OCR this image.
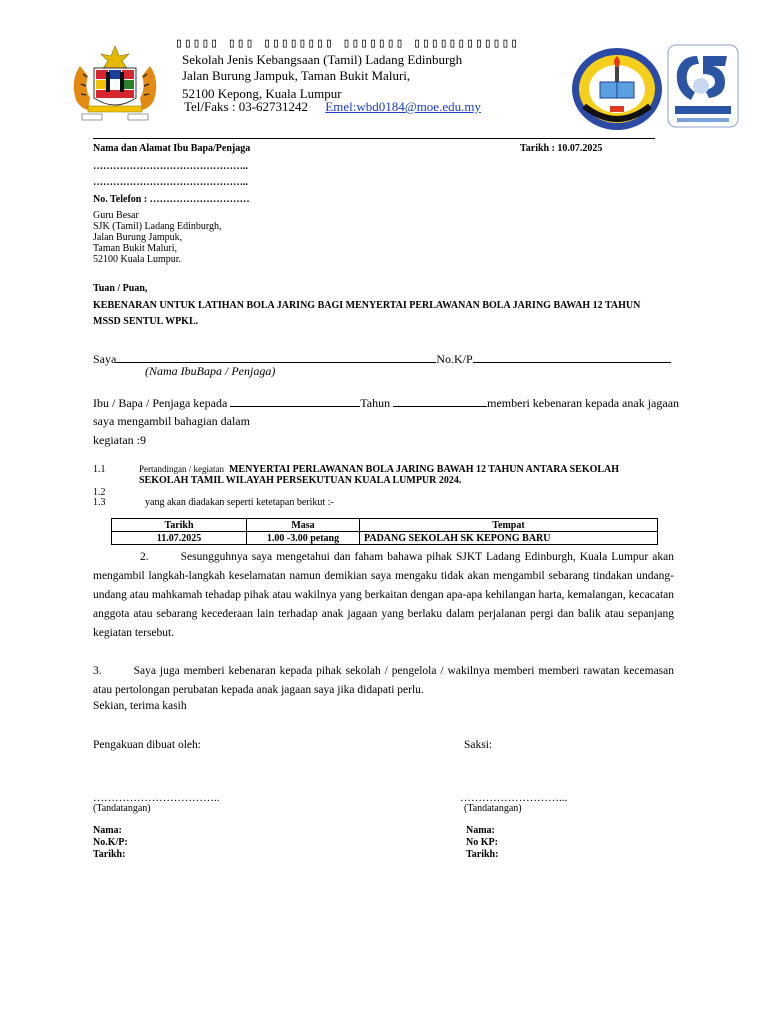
▯▯▯▯▯ ▯▯▯ ▯▯▯▯▯▯▯▯ ▯▯▯▯▯▯▯ ▯▯▯▯▯▯▯▯▯▯▯▯
Sekolah Jenis Kebangsaan (Tamil) Ladang Edinburgh
Jalan Burung Jampuk, Taman Bukit Maluri,
52100 Kepong, Kuala Lumpur
Tel/Faks : 03-62731242 Emel:wbd0184@moe.edu.my
Nama dan Alamat Ibu Bapa/Penjaga	Tarikh : 10.07.2025
………………………………………..
………………………………………..
No. Telefon : …………………………
Guru Besar
SJK (Tamil) Ladang Edinburgh,
Jalan Burung Jampuk,
Taman Bukit Maluri,
52100 Kuala Lumpur.
Tuan / Puan,
KEBENARAN UNTUK LATIHAN BOLA JARING BAGI MENYERTAI PERLAWANAN BOLA JARING BAWAH 12 TAHUN
MSSD SENTUL WPKL.
Saya	No.K/P
(Nama IbuBapa / Penjaga)
Ibu / Bapa / Penjaga kepada	Tahun	memberi kebenaran kepada anak jagaan
saya mengambil bahagian dalam
kegiatan :9
1.1	Pertandingan / kegiatan MENYERTAI PERLAWANAN BOLA JARING BAWAH 12 TAHUN ANTARA SEKOLAH
SEKOLAH TAMIL WILAYAH PERSEKUTUAN KUALA LUMPUR 2024.
1.2
1.3	yang akan diadakan seperti ketetapan berikut :-
Tarikh	Masa	Tempat
11.07.2025	1.00 -3.00 petang	PADANG SEKOLAH SK KEPONG BARU
2.	Sesungguhnya saya mengetahui dan faham bahawa pihak SJKT Ladang Edinburgh, Kuala Lumpur akan mengambil langkah-langkah keselamatan namun demikian saya mengaku tidak akan mengambil sebarang tindakan undang-undang atau mahkamah tehadap pihak atau wakilnya yang berkaitan dengan apa-apa kehilangan harta, kemalangan, kecacatan anggota atau sebarang kecederaan lain terhadap anak jagaan yang berlaku dalam perjalanan pergi dan balik atau sepanjang kegiatan tersebut.
3.	Saya juga memberi kebenaran kepada pihak sekolah / pengelola / wakilnya memberi memberi rawatan kecemasan atau pertolongan perubatan kepada anak jagaan saya jika didapati perlu.
Sekian, terima kasih
Pengakuan dibuat oleh:	Saksi:
……………………………..	………………………...
(Tandatangan)	(Tandatangan)
Nama:
No.K/P:
Tarikh:
Nama:
No KP:
Tarikh:
